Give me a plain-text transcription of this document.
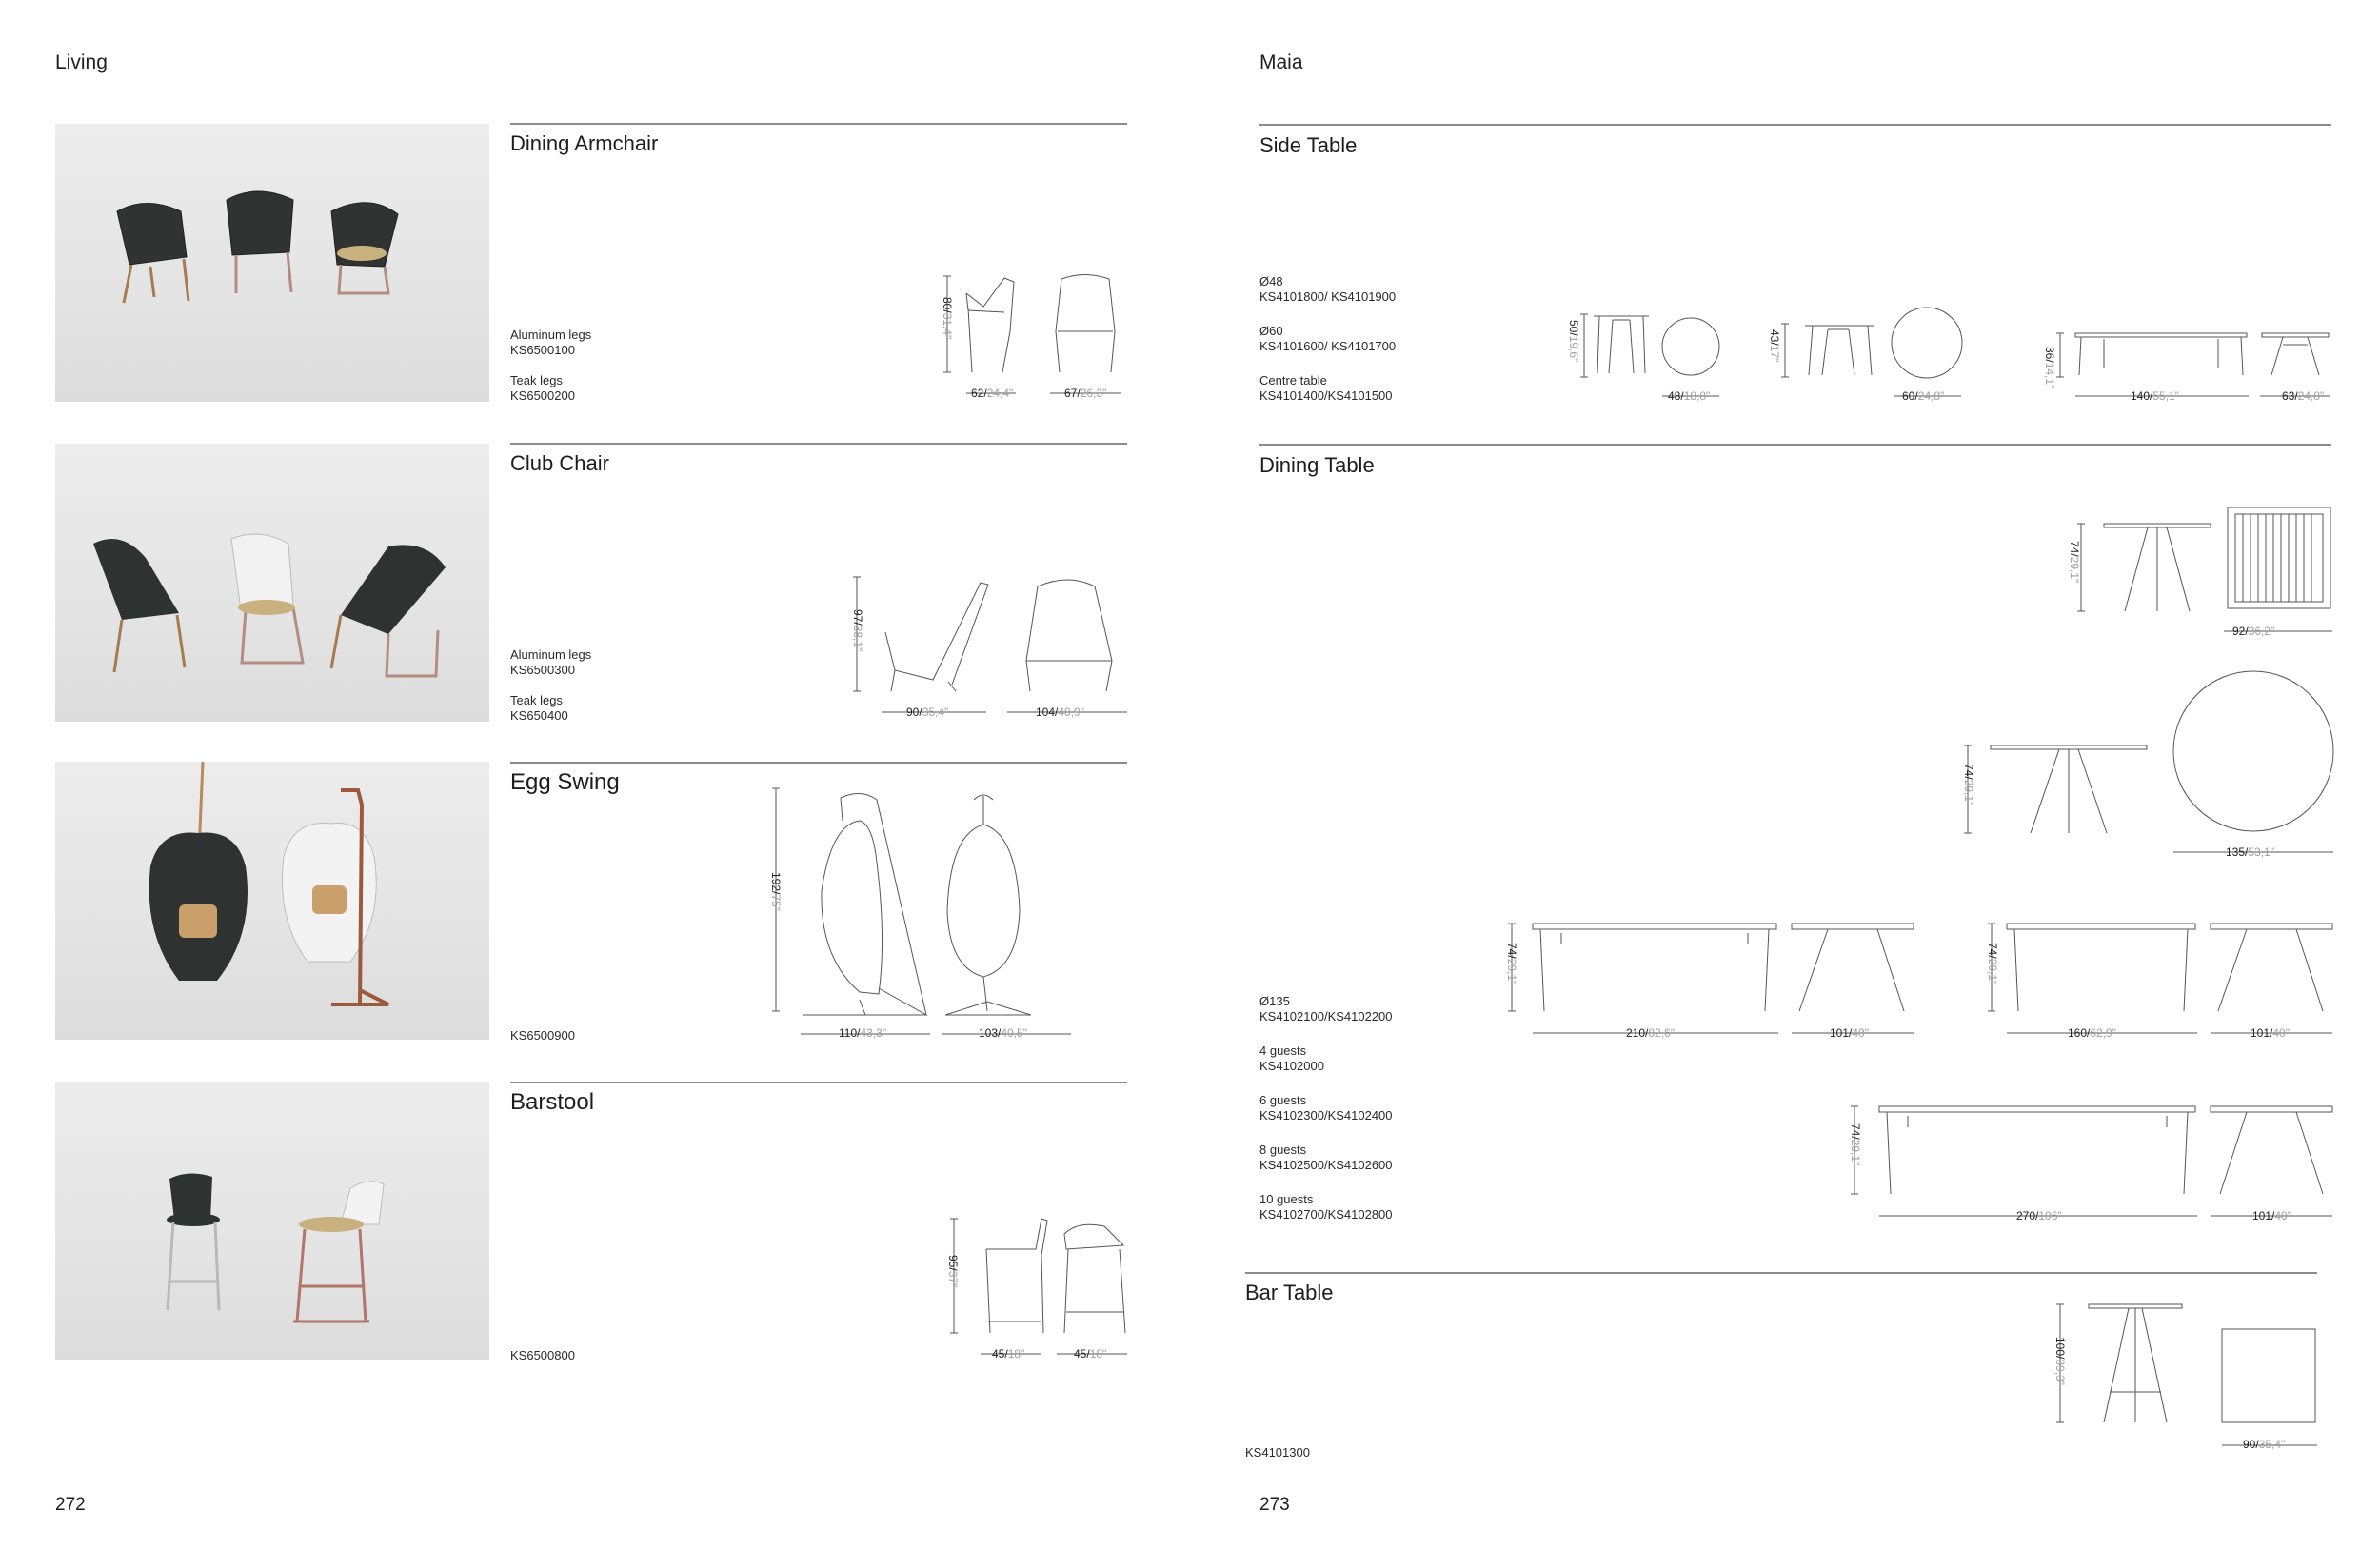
Living
Dining Armchair
Aluminum legs
KS6500100
Teak legs
KS6500200
80/31,4"
62/24,4"	67/26,3"
Club Chair
Aluminum legs
KS6500300
Teak legs
KS650400
97/38,1"
90/35,4"	104/40,9"
Egg Swing
KS6500900
192/75"
110/43,3"	103/40,5"
Barstool
KS6500800
95/37"
45/18"	45/18"
272
Maia
Side Table
Ø48
KS4101800/ KS4101900
Ø60
KS4101600/ KS4101700
Centre table
KS4101400/KS4101500
50/19,6"
43/17"	36/14,1"
48/18,8"	60/24,8"	140/55,1"	63/24,8"
Dining Table
74/29,1"
92/36,2"
74/29,1"
135/53,1"
Ø135
KS4102100/KS4102200
4 guests
KS4102000
6 guests
KS4102300/KS4102400
8 guests
KS4102500/KS4102600
10 guests
KS4102700/KS4102800
74/29,1"
74/29,1"
210/82,6"	101/40"	160/62,9"	101/40"
74/29,1"
270/106"	101/40"
Bar Table
KS4101300
100/39,3"
90/35,4"
273
